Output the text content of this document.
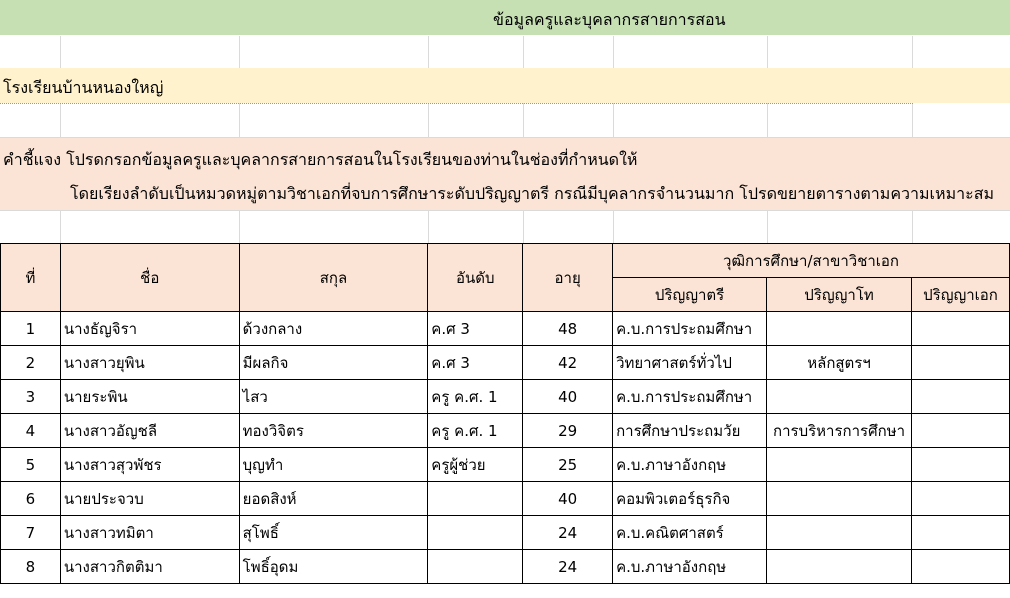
ข้อมูลครูและบุคลากรสายการสอน
โรงเรียนบ้านหนองใหญ่
คำชี้แจง โปรดกรอกข้อมูลครูและบุคลากรสายการสอนในโรงเรียนของท่านในช่องที่กำหนดให้
โดยเรียงลำดับเป็นหมวดหมู่ตามวิชาเอกที่จบการศึกษาระดับปริญญาตรี กรณีมีบุคลากรจำนวนมาก โปรดขยายตารางตามความเหมาะสม
ที่	ชื่อ	สกุล	อันดับ	อายุ	วุฒิการศึกษา/สาขาวิชาเอก		
					ปริญญาตรี	ปริญญาโท	ปริญญาเอก
1	นางธัญจิรา	ด้วงกลาง	ค.ศ 3	48	ค.บ.การประถมศึกษา		
2	นางสาวยุพิน	มีผลกิจ	ค.ศ 3	42	วิทยาศาสตร์ทั่วไป	หลักสูตรฯ	
3	นายระพิน	ไสว	ครู ค.ศ. 1	40	ค.บ.การประถมศึกษา		
4	นางสาวอัญชลี	ทองวิจิตร	ครู ค.ศ. 1	29	การศึกษาประถมวัย	การบริหารการศึกษา	
5	นางสาวสุวพัชร	บุญทำ	ครูผู้ช่วย	25	ค.บ.ภาษาอังกฤษ		
6	นายประจวบ	ยอดสิงห์		40	คอมพิวเตอร์ธุรกิจ		
7	นางสาวทมิตา	สุโพธิ์		24	ค.บ.คณิตศาสตร์		
8	นางสาวกิตติมา	โพธิ์อุดม		24	ค.บ.ภาษาอังกฤษ		
